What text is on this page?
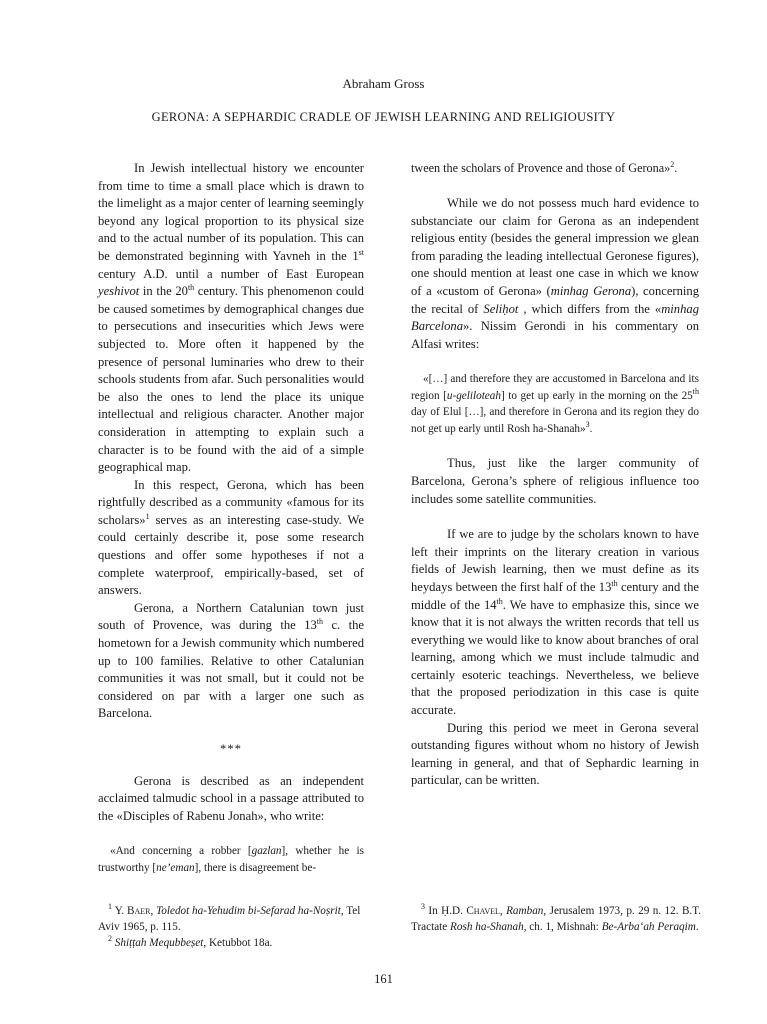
Abraham Gross
GERONA: A SEPHARDIC CRADLE OF JEWISH LEARNING AND RELIGIOUSITY

In Jewish intellectual history we encounter from time to time a small place which is drawn to the limelight as a major center of learning seemingly beyond any logical proportion to its physical size and to the actual number of its population. This can be demonstrated beginning with Yavneh in the 1st century A.D. until a number of East European yeshivot in the 20th century. This phenomenon could be caused sometimes by demographical changes due to persecutions and insecurities which Jews were subjected to. More often it happened by the presence of personal luminaries who drew to their schools students from afar. Such personalities would be also the ones to lend the place its unique intellectual and religious character. Another major consideration in attempting to explain such a character is to be found with the aid of a simple geographical map.

In this respect, Gerona, which has been rightfully described as a community «famous for its scholars»$^1$ serves as an interesting case-study. We could certainly describe it, pose some research questions and offer some hypotheses if not a complete waterproof, empirically-based, set of answers.

Gerona, a Northern Catalunian town just south of Provence, was during the 13th c. the hometown for a Jewish community which numbered up to 100 families. Relative to other Catalunian communities it was not small, but it could not be considered on par with a larger one such as Barcelona.

***

Gerona is described as an independent acclaimed talmudic school in a passage attributed to the «Disciples of Rabenu Jonah», who write:

«And concerning a robber [gazlan], whether he is trustworthy [ne’eman], there is disagreement be-

tween the scholars of Provence and those of Gerona»$^2$.

While we do not possess much hard evidence to substanciate our claim for Gerona as an independent religious entity (besides the general impression we glean from parading the leading intellectual Geronese figures), one should mention at least one case in which we know of a «custom of Gerona» (minhag Gerona), concerning the recital of Seliḥot , which differs from the «minhag Barcelona». Nissim Gerondi in his commentary on Alfasi writes:

«[…] and therefore they are accustomed in Barcelona and its region [u-geliloteah] to get up early in the morning on the 25th day of Elul […], and therefore in Gerona and its region they do not get up early until Rosh ha-Shanah»$^3$.

Thus, just like the larger community of Barcelona, Gerona’s sphere of religious influence too includes some satellite communities.

If we are to judge by the scholars known to have left their imprints on the literary creation in various fields of Jewish learning, then we must define as its heydays between the first half of the 13th century and the middle of the 14th. We have to emphasize this, since we know that it is not always the written records that tell us everything we would like to know about branches of oral learning, among which we must include talmudic and certainly esoteric teachings. Nevertheless, we believe that the proposed periodization in this case is quite accurate.

During this period we meet in Gerona several outstanding figures without whom no history of Jewish learning in general, and that of Sephardic learning in particular, can be written.

$^1$ Y. Baer, Toledot ha-Yehudim bi-Sefarad ha-Noṣrit, Tel Aviv 1965, p. 115.

$^2$ Shiṭṭah Mequbbeṣet, Ketubbot 18a.

$^3$ In Ḥ.D. Chavel, Ramban, Jerusalem 1973, p. 29 n. 12. B.T. Tractate Rosh ha-Shanah, ch. 1, Mishnah: Be-Arba‘ah Peraqim.

161
